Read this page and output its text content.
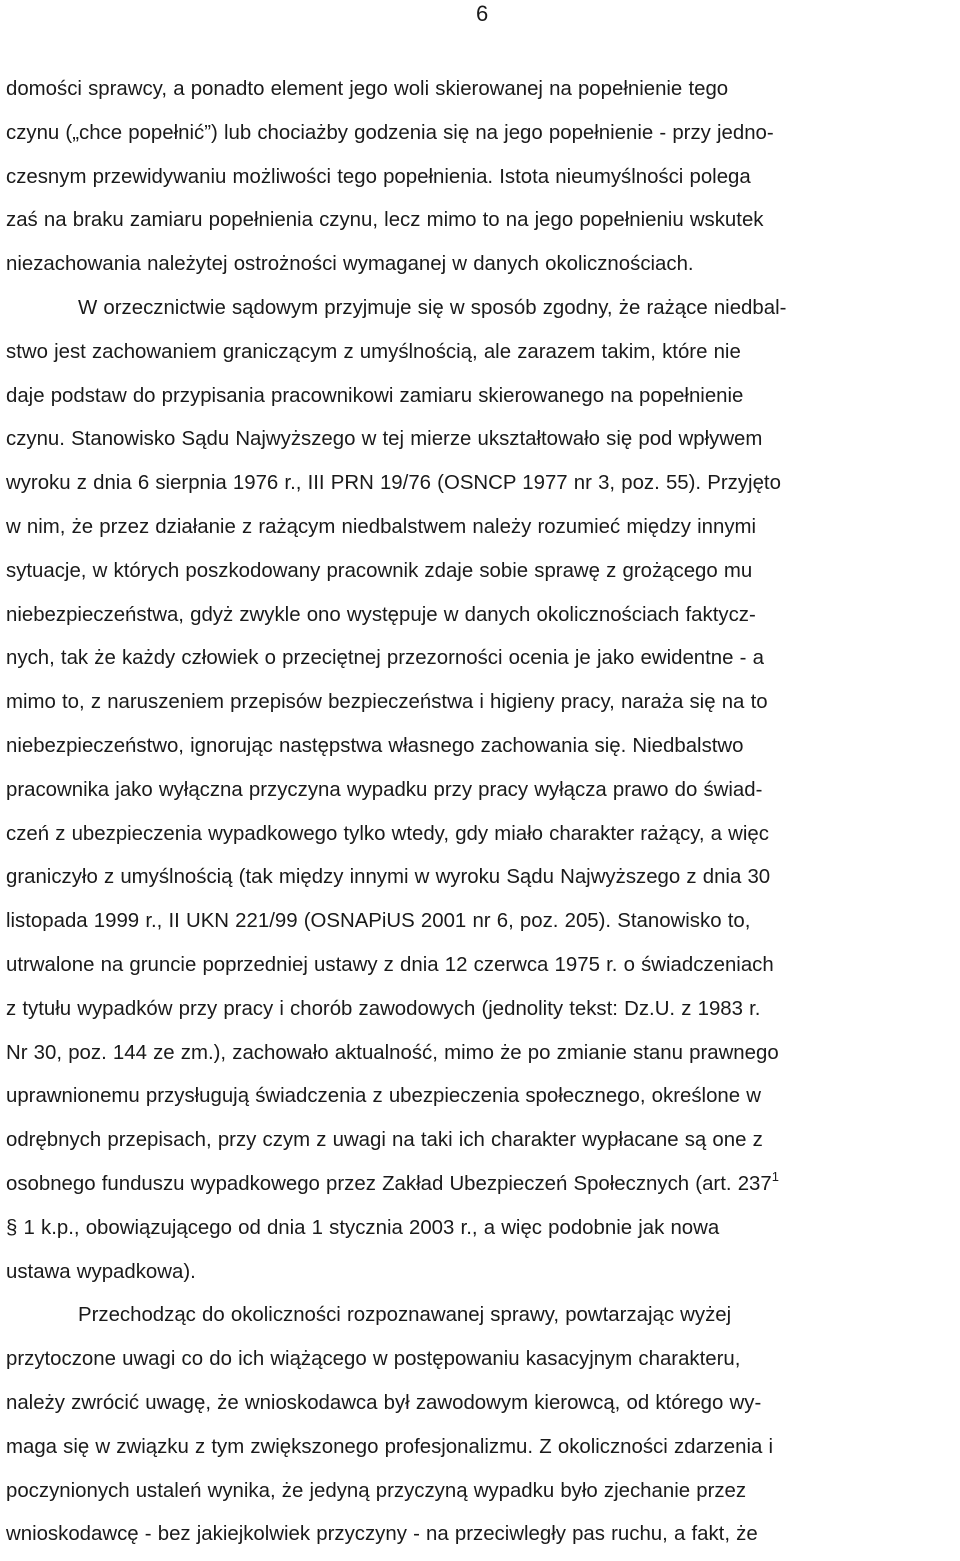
6
domości sprawcy, a ponadto element jego woli skierowanej na popełnienie tego
czynu („chce popełnić”) lub chociażby godzenia się na jego popełnienie - przy jedno-
czesnym przewidywaniu możliwości tego popełnienia. Istota nieumyślności polega
zaś na braku zamiaru popełnienia czynu, lecz mimo to na jego popełnieniu wskutek
niezachowania należytej ostrożności wymaganej w danych okolicznościach.
W orzecznictwie sądowym przyjmuje się w sposób zgodny, że rażące niedbal-
stwo jest zachowaniem graniczącym z umyślnością, ale zarazem takim, które nie
daje podstaw do przypisania pracownikowi zamiaru skierowanego na popełnienie
czynu. Stanowisko Sądu Najwyższego w tej mierze ukształtowało się pod wpływem
wyroku z dnia 6 sierpnia 1976 r., III PRN 19/76 (OSNCP 1977 nr 3, poz. 55). Przyjęto
w nim, że przez działanie z rażącym niedbalstwem należy rozumieć między innymi
sytuacje, w których poszkodowany pracownik zdaje sobie sprawę z grożącego mu
niebezpieczeństwa, gdyż zwykle ono występuje w danych okolicznościach faktycz-
nych, tak że każdy człowiek o przeciętnej przezorności ocenia je jako ewidentne - a
mimo to, z naruszeniem przepisów bezpieczeństwa i higieny pracy, naraża się na to
niebezpieczeństwo, ignorując następstwa własnego zachowania się. Niedbalstwo
pracownika jako wyłączna przyczyna wypadku przy pracy wyłącza prawo do świad-
czeń z ubezpieczenia wypadkowego tylko wtedy, gdy miało charakter rażący, a więc
graniczyło z umyślnością (tak między innymi w wyroku Sądu Najwyższego z dnia 30
listopada 1999 r., II UKN 221/99 (OSNAPiUS 2001 nr 6, poz. 205). Stanowisko to,
utrwalone na gruncie poprzedniej ustawy z dnia 12 czerwca 1975 r. o świadczeniach
z tytułu wypadków przy pracy i chorób zawodowych (jednolity tekst: Dz.U. z 1983 r.
Nr 30, poz. 144 ze zm.), zachowało aktualność, mimo że po zmianie stanu prawnego
uprawnionemu przysługują świadczenia z ubezpieczenia społecznego, określone w
odrębnych przepisach, przy czym z uwagi na taki ich charakter wypłacane są one z
osobnego funduszu wypadkowego przez Zakład Ubezpieczeń Społecznych (art. $237^1$
§ 1 k.p., obowiązującego od dnia 1 stycznia 2003 r., a więc podobnie jak nowa
ustawa wypadkowa).
Przechodząc do okoliczności rozpoznawanej sprawy, powtarzając wyżej
przytoczone uwagi co do ich wiążącego w postępowaniu kasacyjnym charakteru,
należy zwrócić uwagę, że wnioskodawca był zawodowym kierowcą, od którego wy-
maga się w związku z tym zwiększonego profesjonalizmu. Z okoliczności zdarzenia i
poczynionych ustaleń wynika, że jedyną przyczyną wypadku było zjechanie przez
wnioskodawcę - bez jakiejkolwiek przyczyny - na przeciwległy pas ruchu, a fakt, że
